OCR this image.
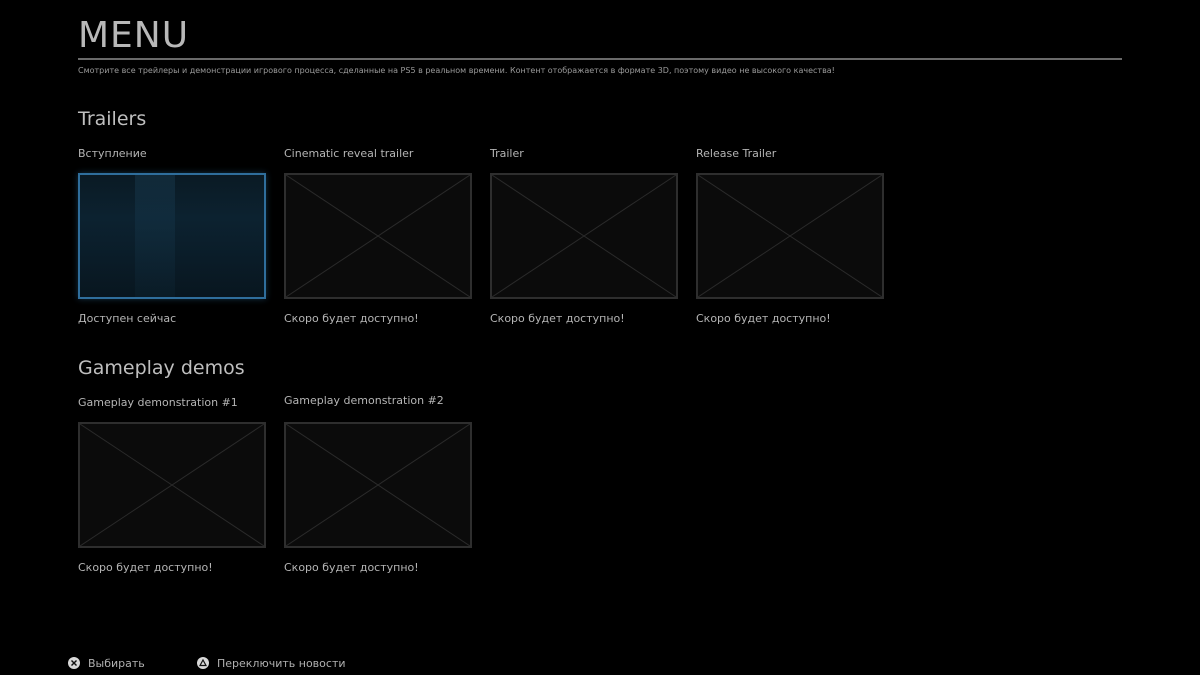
MENU
Смотрите все трейлеры и демонстрации игрового процесса, сделанные на PS5 в реальном времени. Контент отображается в формате 3D, поэтому видео не высокого качества!
Trailers
Вступление
Доступен сейчас
Cinematic reveal trailer
Скоро будет доступно!
Trailer
Скоро будет доступно!
Release Trailer
Скоро будет доступно!
Gameplay demos
Gameplay demonstration #1
Скоро будет доступно!
Gameplay demonstration #2
Скоро будет доступно!
Выбирать	Переключить новости
